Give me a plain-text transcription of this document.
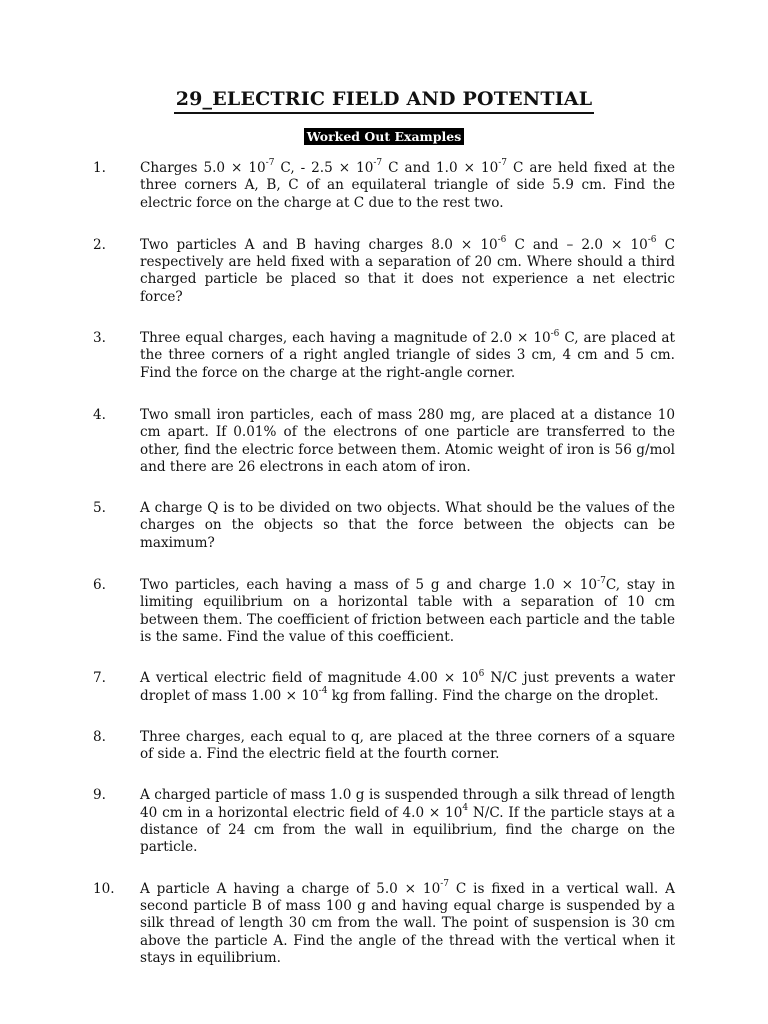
29_ELECTRIC FIELD AND POTENTIAL
Worked Out Examples
1.	Charges $5.0 \times 10^{-7}$ C, - $2.5 \times 10^{-7}$ C and $1.0 \times 10^{-7}$ C are held fixed at the three corners A, B, C of an equilateral triangle of side 5.9 cm. Find the electric force on the charge at C due to the rest two.
2.	Two particles A and B having charges $8.0 \times 10^{-6}$ C and – $2.0 \times 10^{-6}$ C respectively are held fixed with a separation of 20 cm. Where should a third charged particle be placed so that it does not experience a net electric force?
3.	Three equal charges, each having a magnitude of $2.0 \times 10^{-6}$ C, are placed at the three corners of a right angled triangle of sides 3 cm, 4 cm and 5 cm. Find the force on the charge at the right-angle corner.
4.	Two small iron particles, each of mass 280 mg, are placed at a distance 10 cm apart. If 0.01% of the electrons of one particle are transferred to the other, find the electric force between them. Atomic weight of iron is 56 g/mol and there are 26 electrons in each atom of iron.
5.	A charge Q is to be divided on two objects. What should be the values of the charges on the objects so that the force between the objects can be maximum?
6.	Two particles, each having a mass of 5 g and charge $1.0 \times 10^{-7}C$, stay in limiting equilibrium on a horizontal table with a separation of 10 cm between them. The coefficient of friction between each particle and the table is the same. Find the value of this coefficient.
7.	A vertical electric field of magnitude $4.00 \times 10^6$ N/C just prevents a water droplet of mass $1.00 \times 10^{-4}$ kg from falling. Find the charge on the droplet.
8.	Three charges, each equal to q, are placed at the three corners of a square of side a. Find the electric field at the fourth corner.
9.	A charged particle of mass 1.0 g is suspended through a silk thread of length 40 cm in a horizontal electric field of $4.0 \times 10^4$ N/C. If the particle stays at a distance of 24 cm from the wall in equilibrium, find the charge on the particle.
10. A particle A having a charge of $5.0 \times 10^{-7}$ C is fixed in a vertical wall. A second particle B of mass 100 g and having equal charge is suspended by a silk thread of length 30 cm from the wall. The point of suspension is 30 cm above the particle A. Find the angle of the thread with the vertical when it stays in equilibrium.
